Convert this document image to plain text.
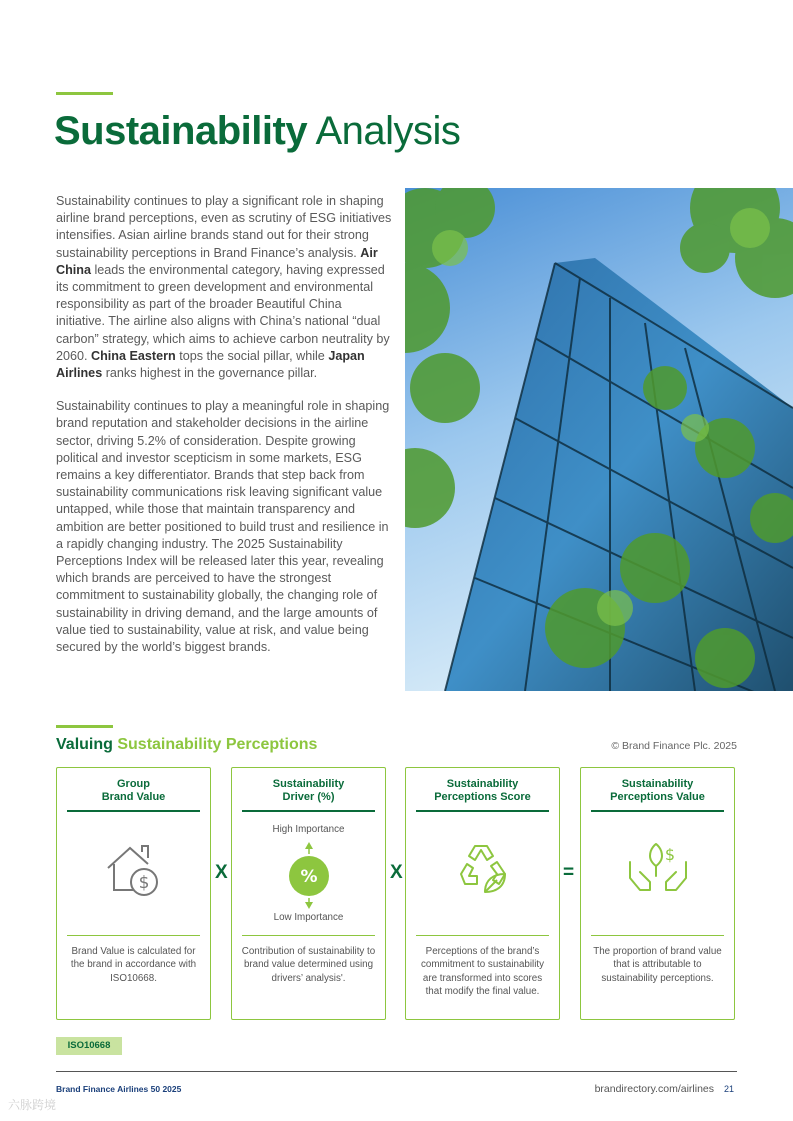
Sustainability Analysis

Sustainability continues to play a significant role in shaping airline brand perceptions, even as scrutiny of ESG initiatives intensifies. Asian airline brands stand out for their strong sustainability perceptions in Brand Finance’s analysis. Air China leads the environmental category, having expressed its commitment to green development and environmental responsibility as part of the broader Beautiful China initiative. The airline also aligns with China’s national “dual carbon” strategy, which aims to achieve carbon neutrality by 2060. China Eastern tops the social pillar, while Japan Airlines ranks highest in the governance pillar.

Sustainability continues to play a meaningful role in shaping brand reputation and stakeholder decisions in the airline sector, driving 5.2% of consideration. Despite growing political and investor scepticism in some markets, ESG remains a key differentiator. Brands that step back from sustainability communications risk leaving significant value untapped, while those that maintain transparency and ambition are better positioned to build trust and resilience in a rapidly changing industry. The 2025 Sustainability Perceptions Index will be released later this year, revealing which brands are perceived to have the strongest commitment to sustainability globally, the changing role of sustainability in driving demand, and the large amounts of value tied to sustainability, value at risk, and value being secured by the world’s biggest brands.

Valuing Sustainability Perceptions	© Brand Finance Plc. 2025
Group
Brand Value
$
Brand Value is calculated for the brand in accordance with ISO10668.
X
Sustainability
Driver (%)
High Importance
%
Low Importance
Contribution of sustainability to brand value determined using drivers’ analysis'.
X
Sustainability
Perceptions Score
Perceptions of the brand’s commitment to sustainability are transformed into scores that modify the final value.
=
Sustainability
Perceptions Value
$
The proportion of brand value that is attributable to sustainability perceptions.
ISO10668
Brand Finance Airlines 50 2025	brandirectory.com/airlines 21
六脉跨境
